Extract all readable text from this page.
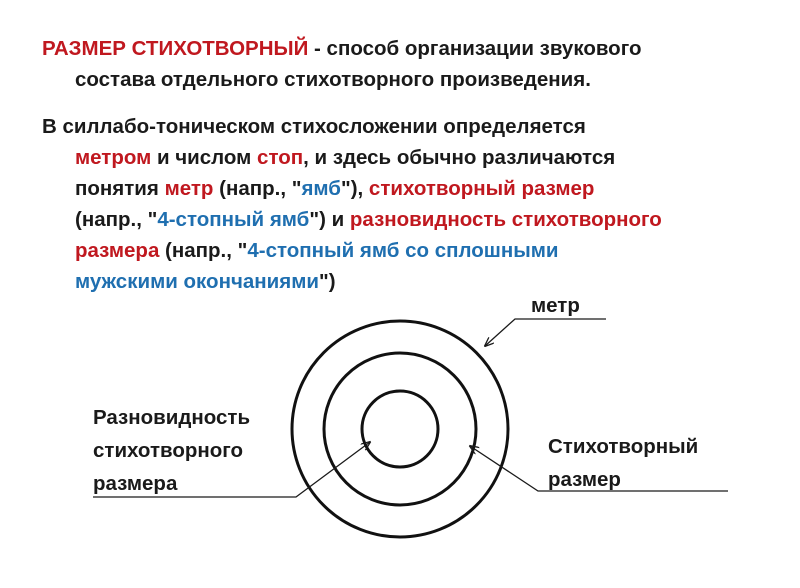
РАЗМЕР СТИХОТВОРНЫЙ - способ организации звукового
состава отдельного стихотворного произведения.
В силлабо-тоническом стихосложении определяется
метром и числом стоп, и здесь обычно различаются
понятия метр (напр., "ямб"), стихотворный размер
(напр., "4-стопный ямб") и разновидность стихотворного
размера (напр., "4-стопный ямб со сплошными
мужскими окончаниями")
метр
Разновидность
стихотворного
размера
Стихотворный
размер
